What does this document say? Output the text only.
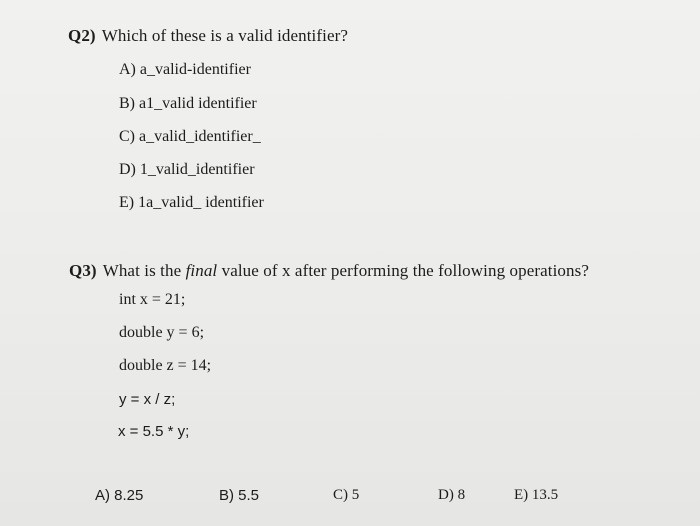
Q2) Which of these is a valid identifier?
A) a_valid-identifier
B) a1_valid identifier
C) a_valid_identifier_
D) 1_valid_identifier
E) 1a_valid_ identifier
Q3) What is the final value of x after performing the following operations?
int x = 21;
double y = 6;
double z = 14;
y = x / z;
x = 5.5 * y;
A) 8.25	B) 5.5	C) 5	D) 8	E) 13.5
